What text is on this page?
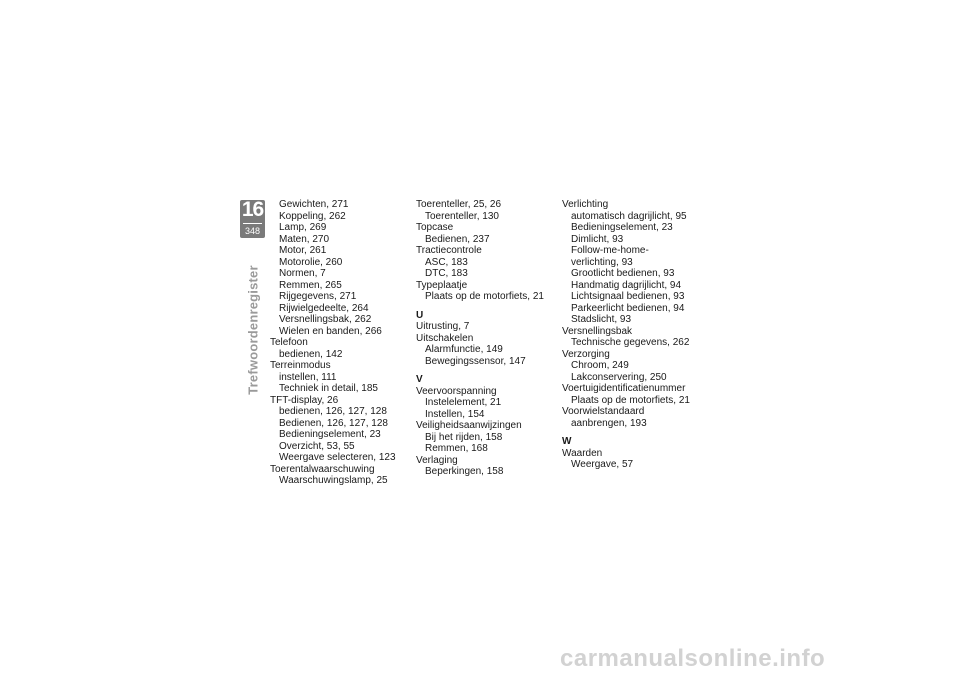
16
348
Trefwoordenregister
Gewichten, 271
Koppeling, 262
Lamp, 269
Maten, 270
Motor, 261
Motorolie, 260
Normen, 7
Remmen, 265
Rijgegevens, 271
Rijwielgedeelte, 264
Versnellingsbak, 262
Wielen en banden, 266
Telefoon
bedienen, 142
Terreinmodus
instellen, 111
Techniek in detail, 185
TFT-display, 26
bedienen, 126, 127, 128
Bedienen, 126, 127, 128
Bedieningselement, 23
Overzicht, 53, 55
Weergave selecteren, 123
Toerentalwaarschuwing
Waarschuwingslamp, 25
Toerenteller, 25, 26
Toerenteller, 130
Topcase
Bedienen, 237
Tractiecontrole
ASC, 183
DTC, 183
Typeplaatje
Plaats op de motorfiets, 21
U
Uitrusting, 7
Uitschakelen
Alarmfunctie, 149
Bewegingssensor, 147
V
Veervoorspanning
Instelelement, 21
Instellen, 154
Veiligheidsaanwijzingen
Bij het rijden, 158
Remmen, 168
Verlaging
Beperkingen, 158
Verlichting
automatisch dagrijlicht, 95
Bedieningselement, 23
Dimlicht, 93
Follow-me-home-
verlichting, 93
Grootlicht bedienen, 93
Handmatig dagrijlicht, 94
Lichtsignaal bedienen, 93
Parkeerlicht bedienen, 94
Stadslicht, 93
Versnellingsbak
Technische gegevens, 262
Verzorging
Chroom, 249
Lakconservering, 250
Voertuigidentificatienummer
Plaats op de motorfiets, 21
Voorwielstandaard
aanbrengen, 193
W
Waarden
Weergave, 57
carmanualsonline.info
